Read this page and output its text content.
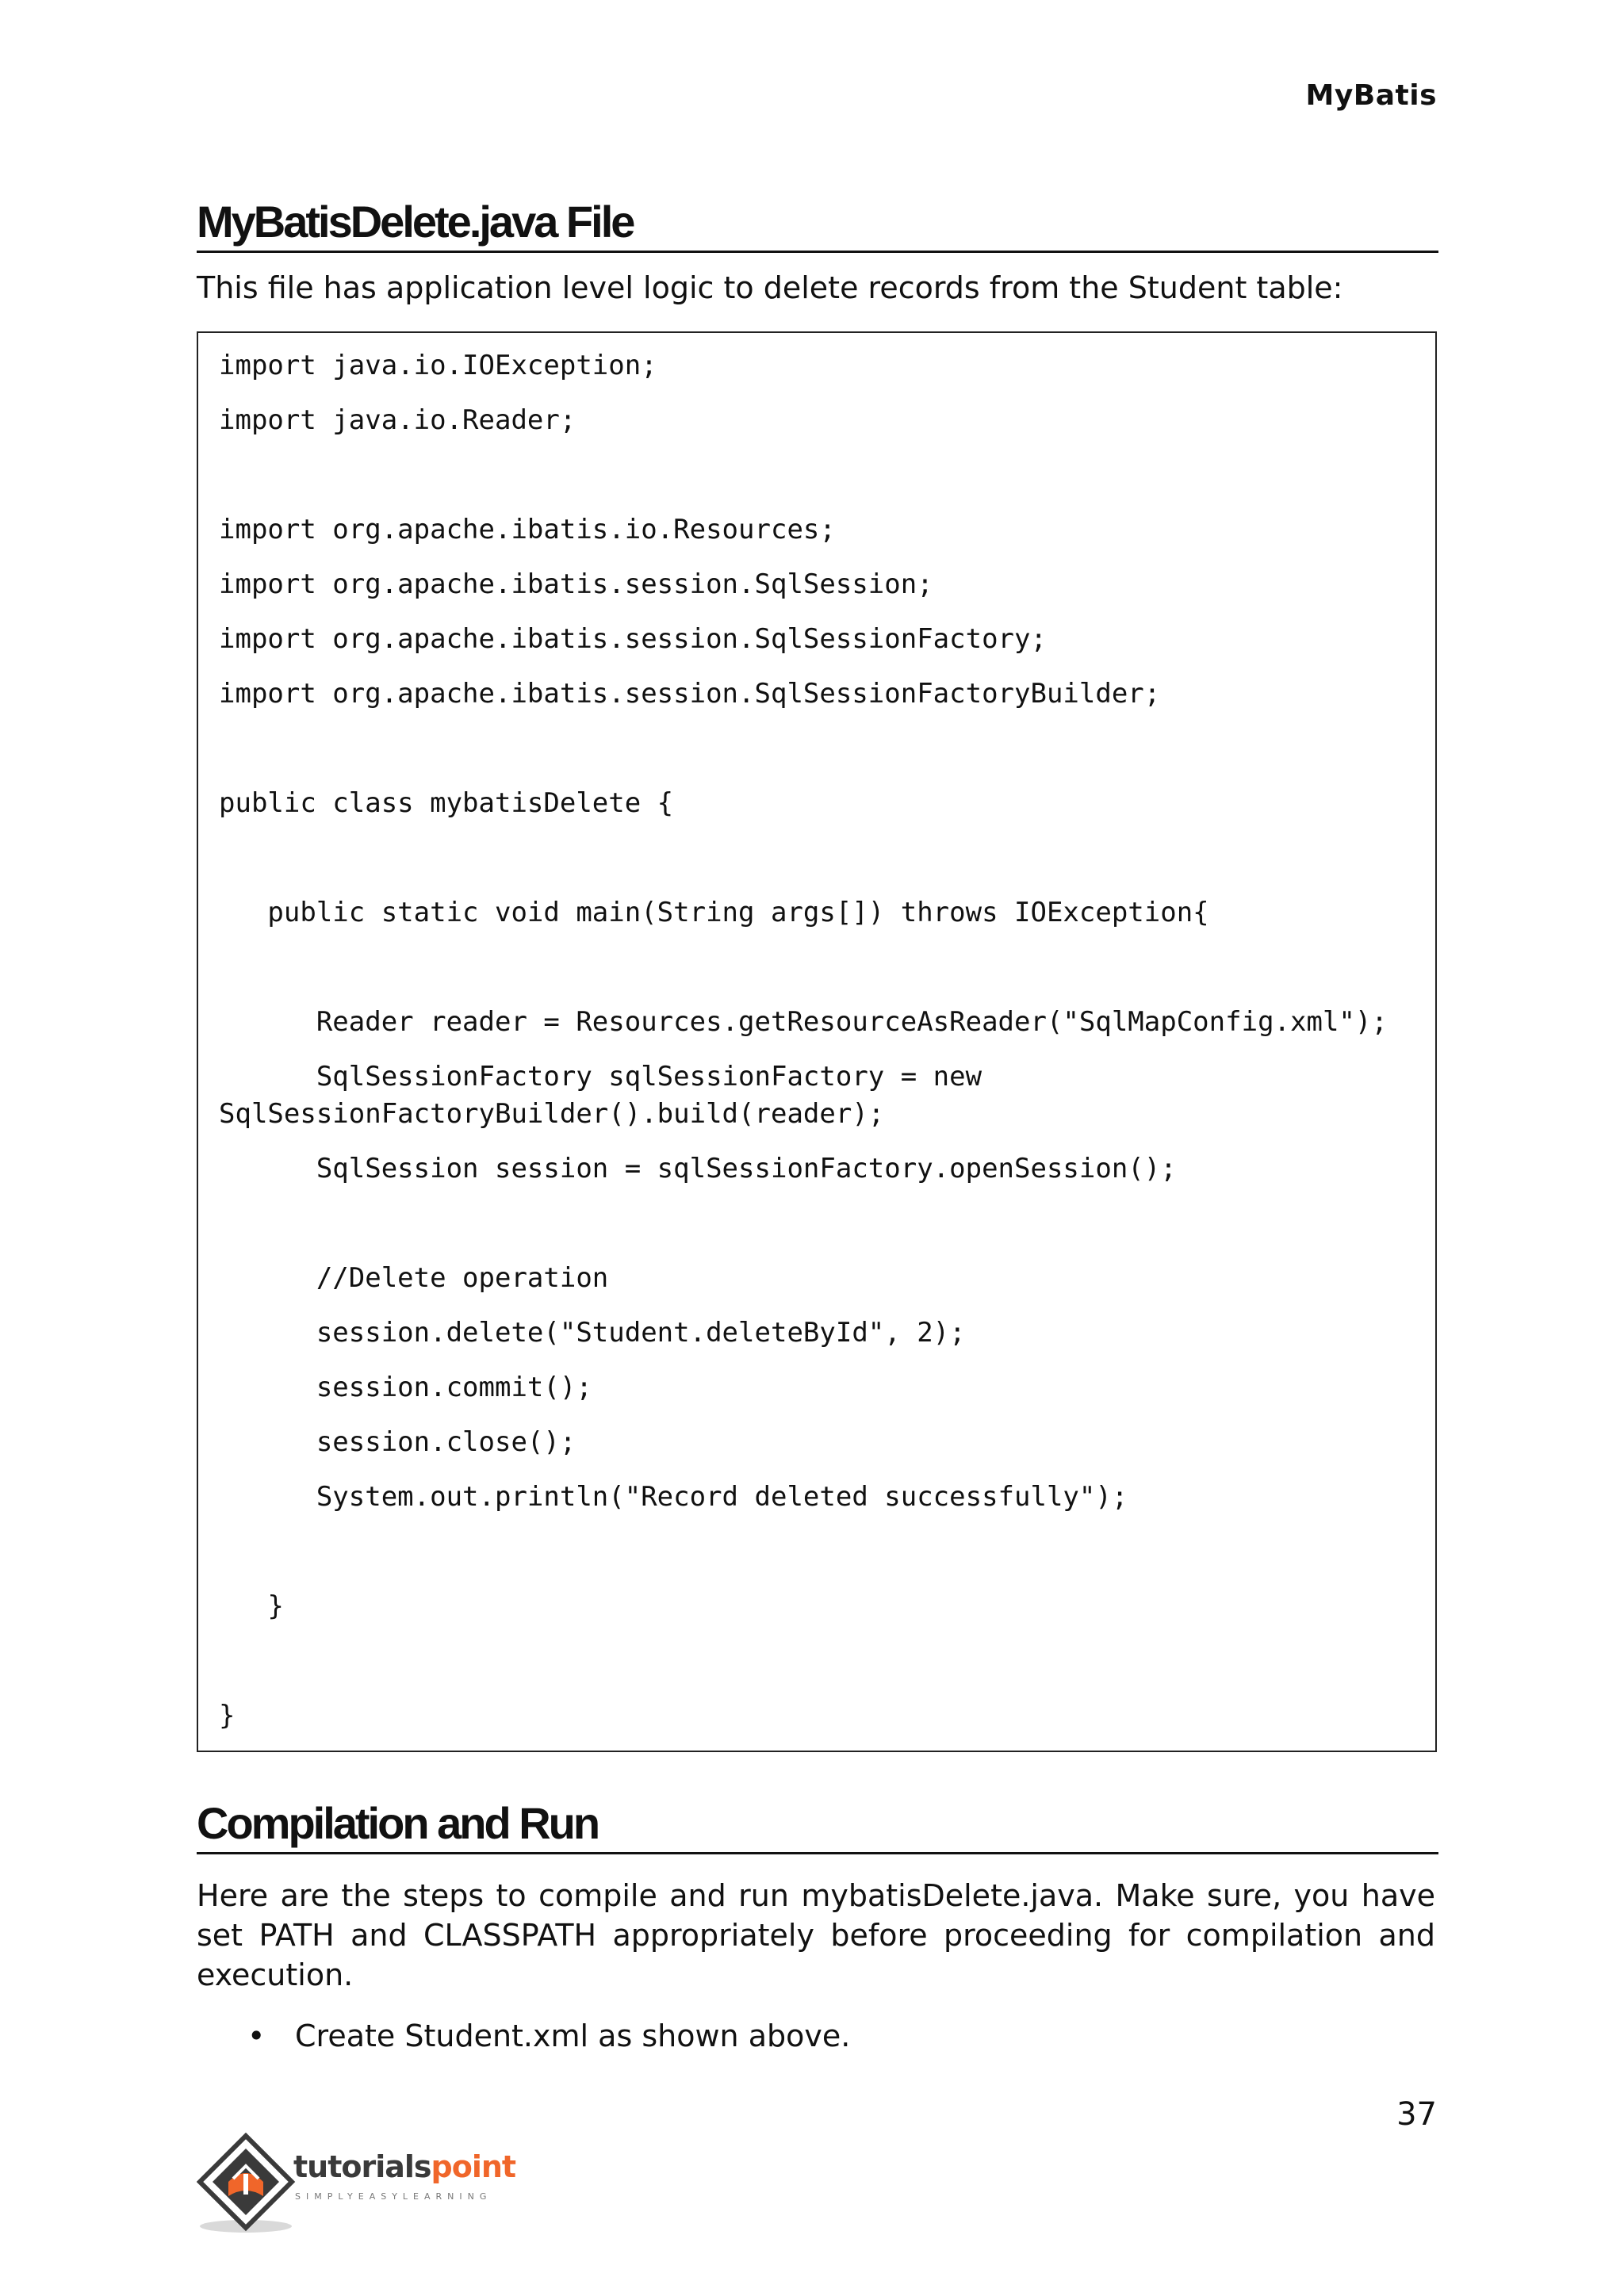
MyBatis
MyBatisDelete.java File
This file has application level logic to delete records from the Student table:
import java.io.IOException;
import java.io.Reader;
import org.apache.ibatis.io.Resources;
import org.apache.ibatis.session.SqlSession;
import org.apache.ibatis.session.SqlSessionFactory;
import org.apache.ibatis.session.SqlSessionFactoryBuilder;
public class mybatisDelete {
public static void main(String args[]) throws IOException{
Reader reader = Resources.getResourceAsReader("SqlMapConfig.xml");
SqlSessionFactory sqlSessionFactory = new
SqlSessionFactoryBuilder().build(reader);
SqlSession session = sqlSessionFactory.openSession();
//Delete operation
session.delete("Student.deleteById", 2);
session.commit();
session.close();
System.out.println("Record deleted successfully");
}
}
Compilation and Run
Here are the steps to compile and run mybatisDelete.java. Make sure, you have set PATH and CLASSPATH appropriately before proceeding for compilation and execution.
• Create Student.xml as shown above.
37
tutorialspoint
SIMPLYEASYLEARNING
